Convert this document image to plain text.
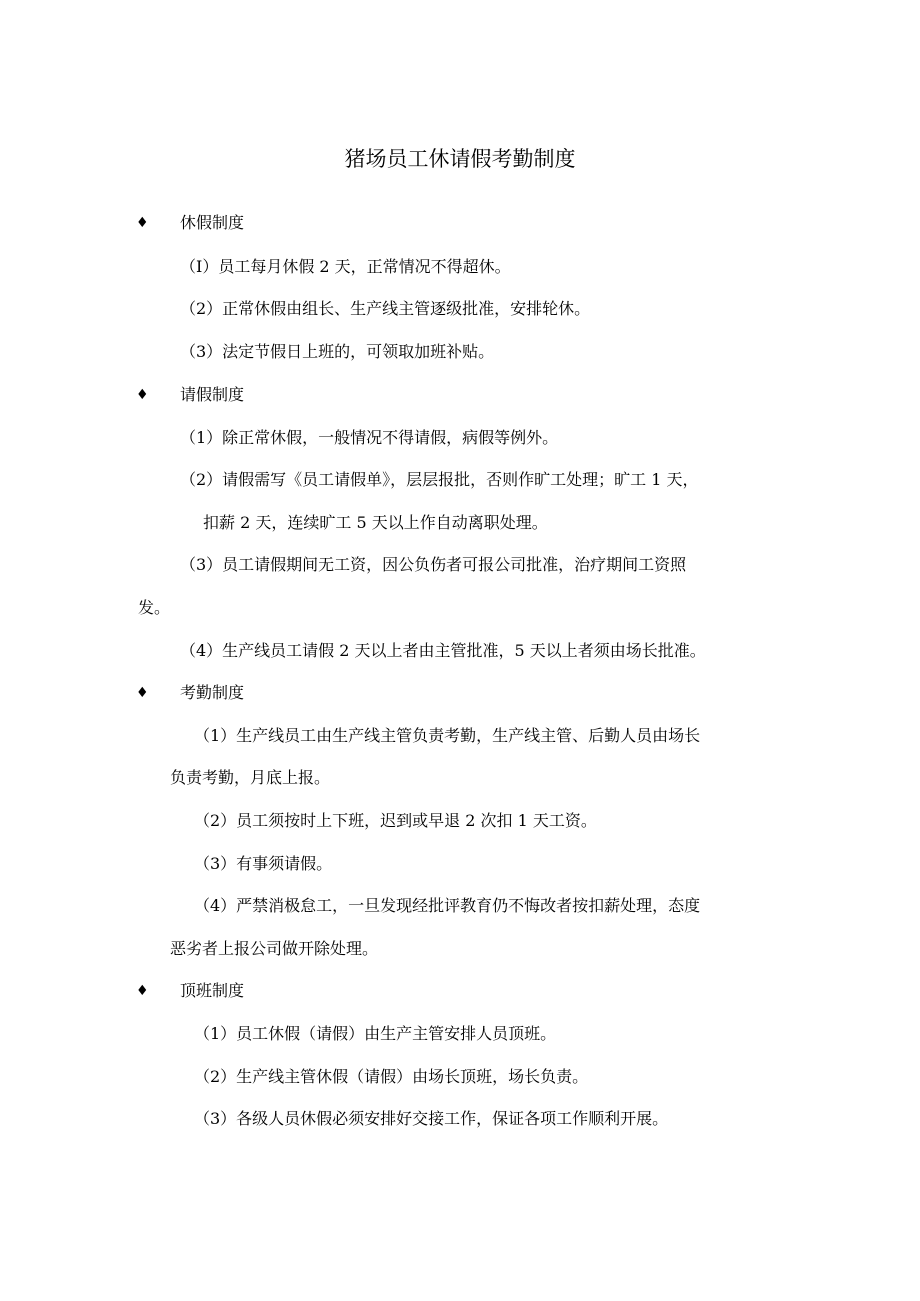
猪场员工休请假考勤制度
♦ 休假制度
（I）员工每月休假 2 天，正常情况不得超休。
（2）正常休假由组长、生产线主管逐级批准，安排轮休。
（3）法定节假日上班的，可领取加班补贴。
♦ 请假制度
（1）除正常休假，一般情况不得请假，病假等例外。
（2）请假需写《员工请假单》，层层报批，否则作旷工处理；旷工 1 天，
扣薪 2 天，连续旷工 5 天以上作自动离职处理。
（3）员工请假期间无工资，因公负伤者可报公司批准，治疗期间工资照
发。
（4）生产线员工请假 2 天以上者由主管批准，5 天以上者须由场长批准。
♦ 考勤制度
（1）生产线员工由生产线主管负责考勤，生产线主管、后勤人员由场长
负责考勤，月底上报。
（2）员工须按时上下班，迟到或早退 2 次扣 1 天工资。
（3）有事须请假。
（4）严禁消极怠工，一旦发现经批评教育仍不悔改者按扣薪处理，态度
恶劣者上报公司做开除处理。
♦ 顶班制度
（1）员工休假（请假）由生产主管安排人员顶班。
（2）生产线主管休假（请假）由场长顶班，场长负责。
（3）各级人员休假必须安排好交接工作，保证各项工作顺利开展。
